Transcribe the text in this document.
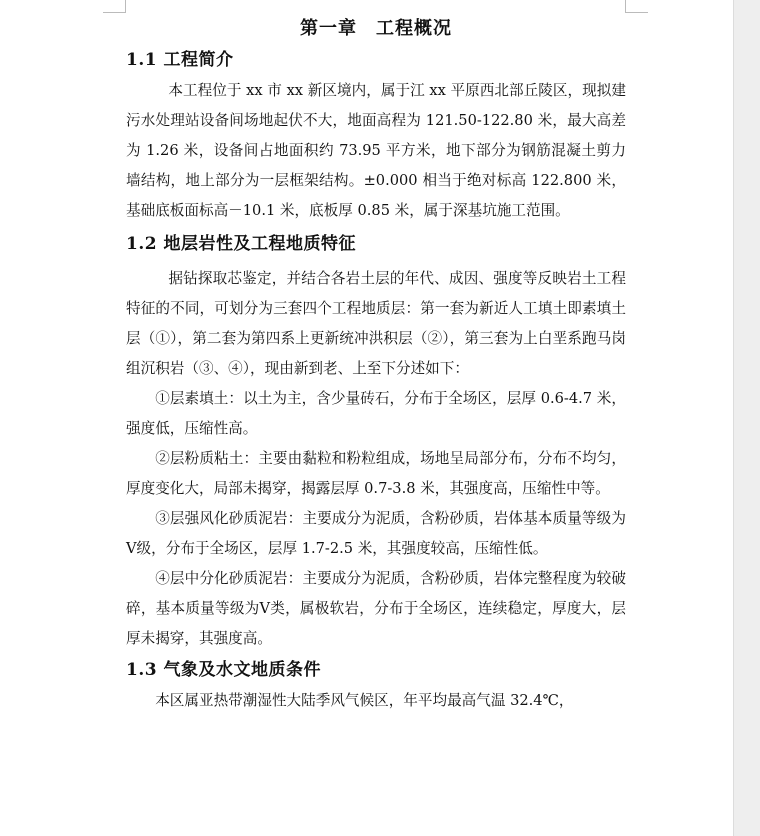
第一章　工程概况
1.1 工程简介

本工程位于 xx 市 xx 新区境内，属于江 xx 平原西北部丘陵区，现拟建污水处理站设备间场地起伏不大，地面高程为 121.50-122.80 米，最大高差为 1.26 米，设备间占地面积约 73.95 平方米，地下部分为钢筋混凝土剪力墙结构，地上部分为一层框架结构。±0.000 相当于绝对标高 122.800 米，基础底板面标高－10.1 米，底板厚 0.85 米，属于深基坑施工范围。

1.2 地层岩性及工程地质特征

据钻探取芯鉴定，并结合各岩土层的年代、成因、强度等反映岩土工程特征的不同，可划分为三套四个工程地质层：第一套为新近人工填土即素填土层（①），第二套为第四系上更新统冲洪积层（②），第三套为上白垩系跑马岗组沉积岩（③、④），现由新到老、上至下分述如下：

①层素填土：以土为主，含少量砖石，分布于全场区，层厚 0.6-4.7 米，强度低，压缩性高。

②层粉质粘土：主要由黏粒和粉粒组成，场地呈局部分布，分布不均匀，厚度变化大，局部未揭穿，揭露层厚 0.7-3.8 米，其强度高，压缩性中等。

③层强风化砂质泥岩：主要成分为泥质，含粉砂质，岩体基本质量等级为Ⅴ级，分布于全场区，层厚 1.7-2.5 米，其强度较高，压缩性低。

④层中分化砂质泥岩：主要成分为泥质，含粉砂质，岩体完整程度为较破碎，基本质量等级为Ⅴ类，属极软岩，分布于全场区，连续稳定，厚度大，层厚未揭穿，其强度高。

1.3 气象及水文地质条件

本区属亚热带潮湿性大陆季风气候区，年平均最高气温 32.4℃，
